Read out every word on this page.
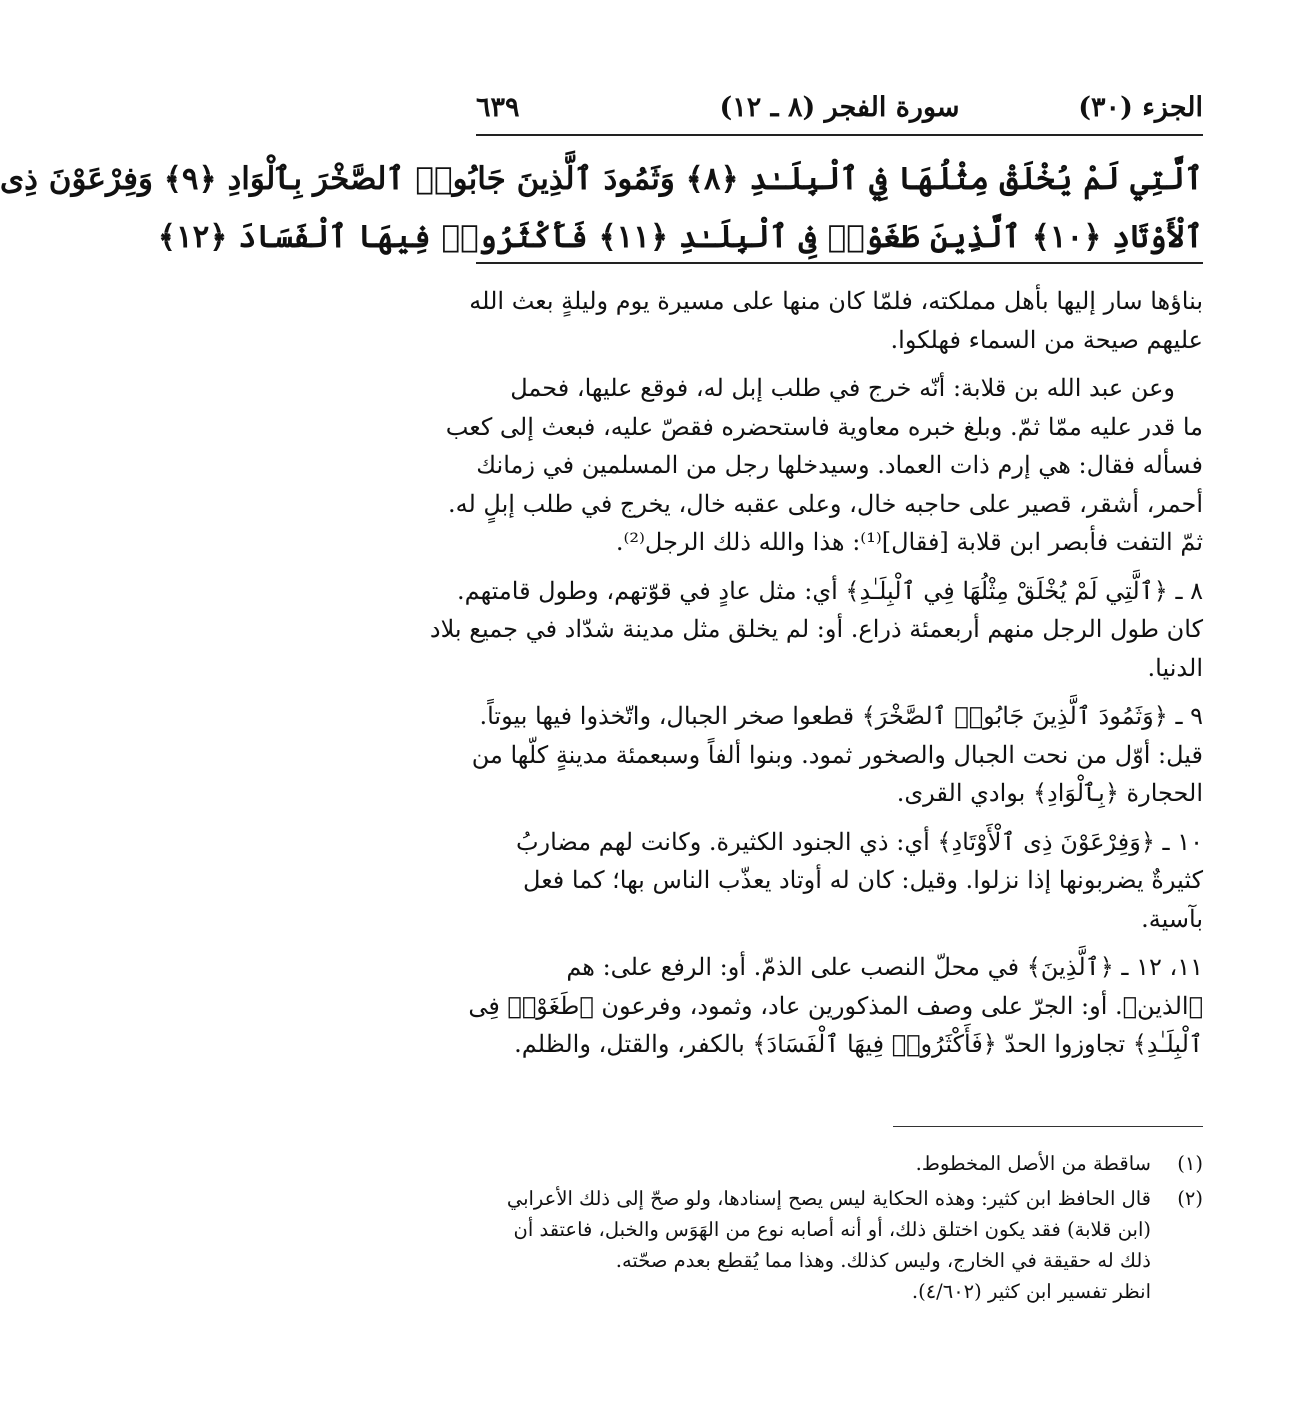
الجزء (٣٠)
سورة الفجر (٨ ـ ١٢)
٦٣٩
ٱلَّتِي لَمْ يُخْلَقْ مِثْلُهَا فِي ٱلْبِلَـٰدِ ﴿٨﴾ وَثَمُودَ ٱلَّذِينَ جَابُوا۟ ٱلصَّخْرَ بِٱلْوَادِ ﴿٩﴾ وَفِرْعَوْنَ ذِى
ٱلْأَوْتَادِ ﴿١٠﴾ ٱلَّذِينَ طَغَوْا۟ فِى ٱلْبِلَـٰدِ ﴿١١﴾ فَأَكْثَرُوا۟ فِيهَا ٱلْفَسَادَ ﴿١٢﴾

بناؤها سار إليها بأهل مملكته، فلمّا كان منها على مسيرة يوم وليلةٍ بعث الله
عليهم صيحة من السماء فهلكوا.

وعن عبد الله بن قلابة: أنّه خرج في طلب إبل له، فوقع عليها، فحمل
ما قدر عليه ممّا ثمّ. وبلغ خبره معاوية فاستحضره فقصّ عليه، فبعث إلى كعب
فسأله فقال: هي إرم ذات العماد. وسيدخلها رجل من المسلمين في زمانك
أحمر، أشقر، قصير على حاجبه خال، وعلى عقبه خال، يخرج في طلب إبلٍ له.
ثمّ التفت فأبصر ابن قلابة [فقال]⁽¹⁾: هذا والله ذلك الرجل⁽²⁾.

٨ ـ ﴿ٱلَّتِي لَمْ يُخْلَقْ مِثْلُهَا فِي ٱلْبِلَـٰدِ﴾ أي: مثل عادٍ في قوّتهم، وطول قامتهم.
كان طول الرجل منهم أربعمئة ذراع. أو: لم يخلق مثل مدينة شدّاد في جميع بلاد
الدنيا.

٩ ـ ﴿وَثَمُودَ ٱلَّذِينَ جَابُوا۟ ٱلصَّخْرَ﴾ قطعوا صخر الجبال، واتّخذوا فيها بيوتاً.
قيل: أوّل من نحت الجبال والصخور ثمود. وبنوا ألفاً وسبعمئة مدينةٍ كلّها من
الحجارة ﴿بِٱلْوَادِ﴾ بوادي القرى.

١٠ ـ ﴿وَفِرْعَوْنَ ذِى ٱلْأَوْتَادِ﴾ أي: ذي الجنود الكثيرة. وكانت لهم مضاربُ
كثيرةٌ يضربونها إذا نزلوا. وقيل: كان له أوتاد يعذّب الناس بها؛ كما فعل
بآسية.

١١، ١٢ ـ ﴿ٱلَّذِينَ﴾ في محلّ النصب على الذمّ. أو: الرفع على: هم
﴿الذين﴾. أو: الجرّ على وصف المذكورين عاد، وثمود، وفرعون ﴿طَغَوْا۟ فِى
ٱلْبِلَـٰدِ﴾ تجاوزوا الحدّ ﴿فَأَكْثَرُوا۟ فِيهَا ٱلْفَسَادَ﴾ بالكفر، والقتل، والظلم.

(١)
ساقطة من الأصل المخطوط.
(٢)
قال الحافظ ابن كثير: وهذه الحكاية ليس يصح إسنادها، ولو صحّ إلى ذلك الأعرابي
(ابن قلابة) فقد يكون اختلق ذلك، أو أنه أصابه نوع من الهَوَس والخبل، فاعتقد أن
ذلك له حقيقة في الخارج، وليس كذلك. وهذا مما يُقطع بعدم صحّته.
انظر تفسير ابن كثير (٤/٦٠٢).
